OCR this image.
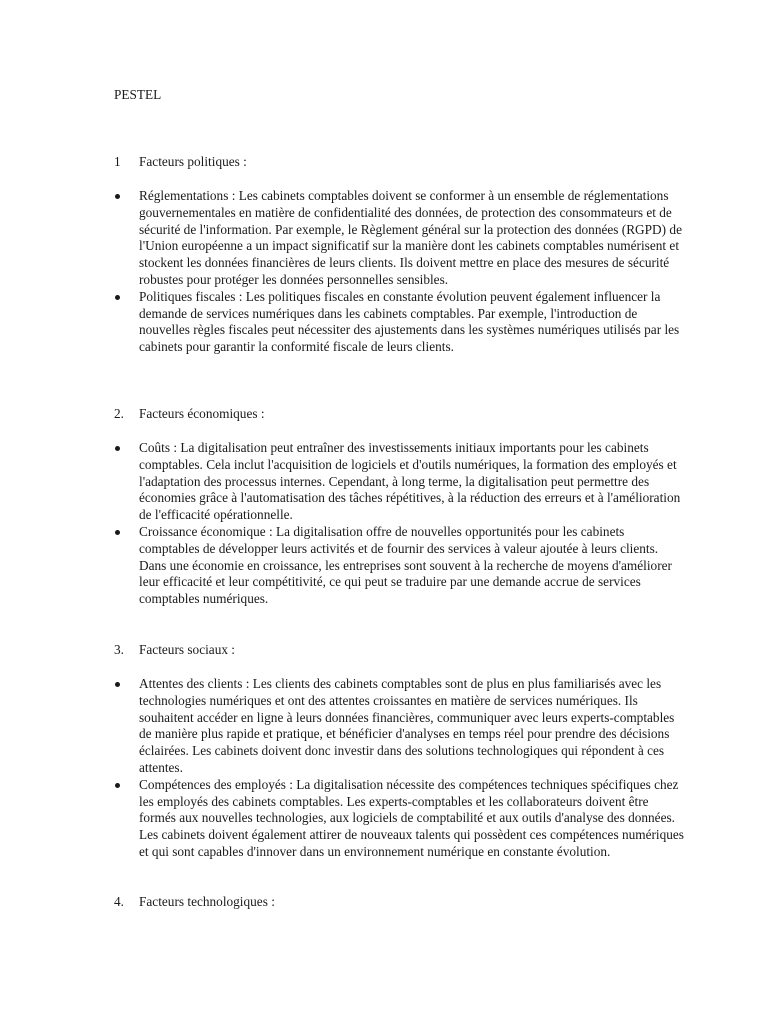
PESTEL
1 Facteurs politiques :
Réglementations : Les cabinets comptables doivent se conformer à un ensemble de réglementations gouvernementales en matière de confidentialité des données, de protection des consommateurs et de sécurité de l'information. Par exemple, le Règlement général sur la protection des données (RGPD) de l'Union européenne a un impact significatif sur la manière dont les cabinets comptables numérisent et stockent les données financières de leurs clients. Ils doivent mettre en place des mesures de sécurité robustes pour protéger les données personnelles sensibles.
Politiques fiscales : Les politiques fiscales en constante évolution peuvent également influencer la demande de services numériques dans les cabinets comptables. Par exemple, l'introduction de nouvelles règles fiscales peut nécessiter des ajustements dans les systèmes numériques utilisés par les cabinets pour garantir la conformité fiscale de leurs clients.
2. Facteurs économiques :
Coûts : La digitalisation peut entraîner des investissements initiaux importants pour les cabinets comptables. Cela inclut l'acquisition de logiciels et d'outils numériques, la formation des employés et l'adaptation des processus internes. Cependant, à long terme, la digitalisation peut permettre des économies grâce à l'automatisation des tâches répétitives, à la réduction des erreurs et à l'amélioration de l'efficacité opérationnelle.
Croissance économique : La digitalisation offre de nouvelles opportunités pour les cabinets comptables de développer leurs activités et de fournir des services à valeur ajoutée à leurs clients. Dans une économie en croissance, les entreprises sont souvent à la recherche de moyens d'améliorer leur efficacité et leur compétitivité, ce qui peut se traduire par une demande accrue de services comptables numériques.
3. Facteurs sociaux :
Attentes des clients : Les clients des cabinets comptables sont de plus en plus familiarisés avec les technologies numériques et ont des attentes croissantes en matière de services numériques. Ils souhaitent accéder en ligne à leurs données financières, communiquer avec leurs experts-comptables de manière plus rapide et pratique, et bénéficier d'analyses en temps réel pour prendre des décisions éclairées. Les cabinets doivent donc investir dans des solutions technologiques qui répondent à ces attentes.
Compétences des employés : La digitalisation nécessite des compétences techniques spécifiques chez les employés des cabinets comptables. Les experts-comptables et les collaborateurs doivent être formés aux nouvelles technologies, aux logiciels de comptabilité et aux outils d'analyse des données. Les cabinets doivent également attirer de nouveaux talents qui possèdent ces compétences numériques et qui sont capables d'innover dans un environnement numérique en constante évolution.
4. Facteurs technologiques :
